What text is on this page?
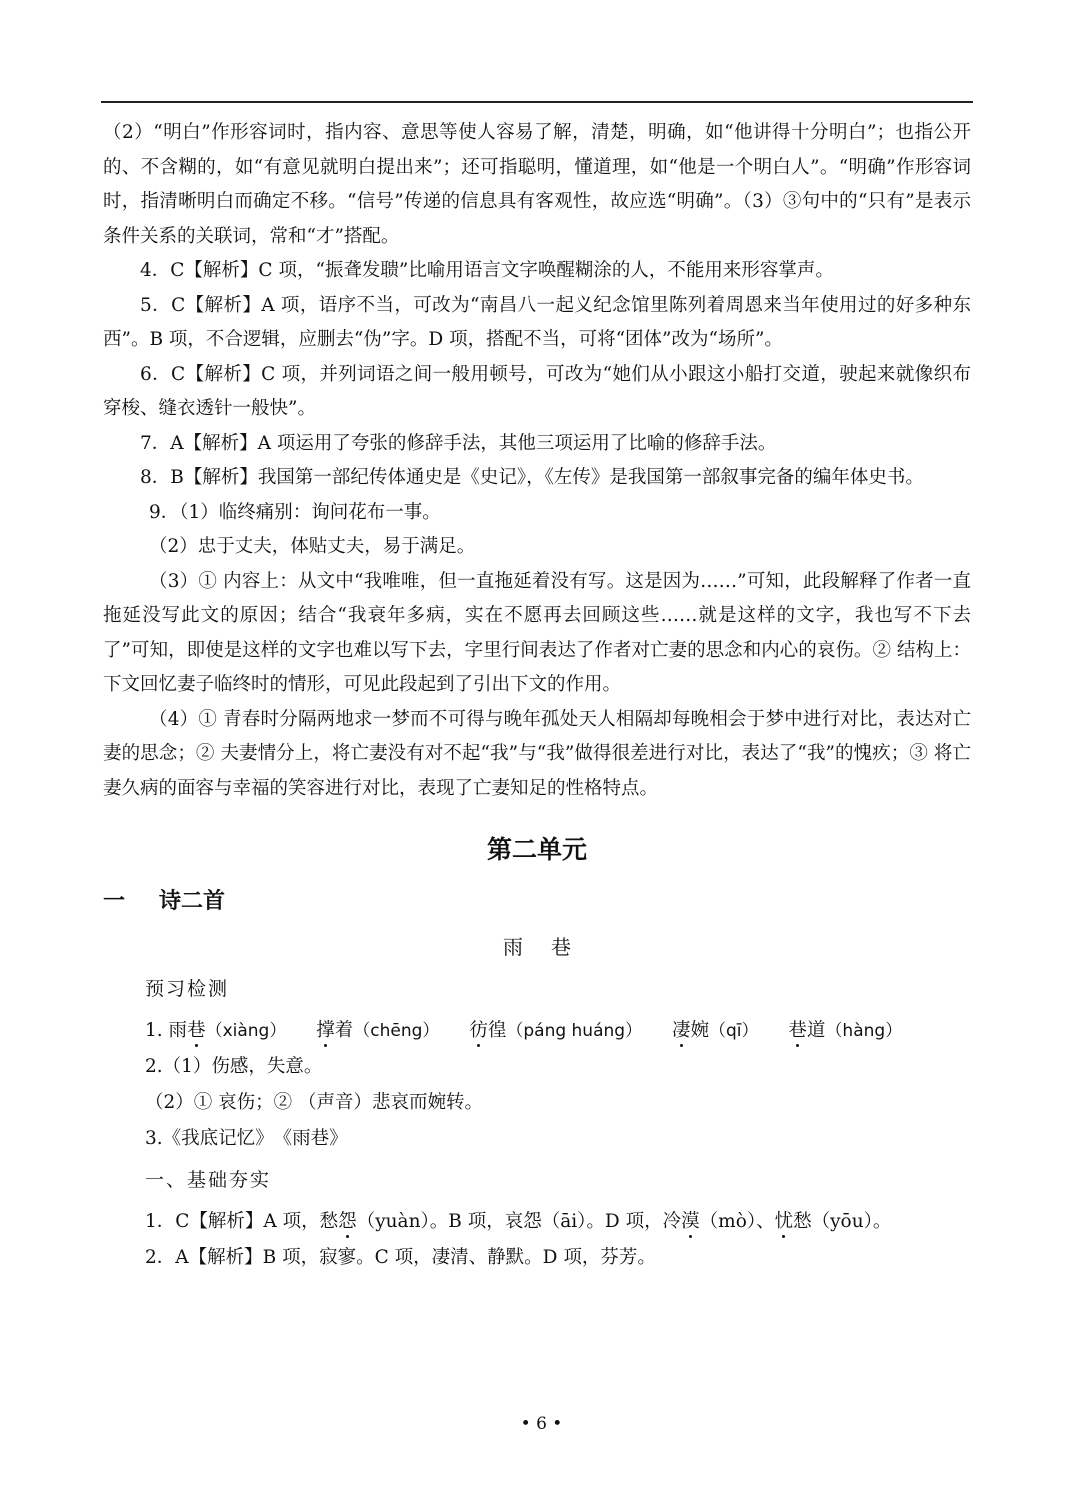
（2）“明白”作形容词时，指内容、意思等使人容易了解，清楚，明确，如“他讲得十分明白”；也指公开的、不含糊的，如“有意见就明白提出来”；还可指聪明，懂道理，如“他是一个明白人”。“明确”作形容词时，指清晰明白而确定不移。“信号”传递的信息具有客观性，故应选“明确”。（3）③句中的“只有”是表示条件关系的关联词，常和“才”搭配。

4．C【解析】C 项，“振聋发聩”比喻用语言文字唤醒糊涂的人，不能用来形容掌声。

5．C【解析】A 项，语序不当，可改为“南昌八一起义纪念馆里陈列着周恩来当年使用过的好多种东西”。B 项，不合逻辑，应删去“伪”字。D 项，搭配不当，可将“团体”改为“场所”。

6．C【解析】C 项，并列词语之间一般用顿号，可改为“她们从小跟这小船打交道，驶起来就像织布穿梭、缝衣透针一般快”。

7．A【解析】A 项运用了夸张的修辞手法，其他三项运用了比喻的修辞手法。

8．B【解析】我国第一部纪传体通史是《史记》，《左传》是我国第一部叙事完备的编年体史书。

9．（1）临终痛别：询问花布一事。

（2）忠于丈夫，体贴丈夫，易于满足。

（3）① 内容上：从文中“我唯唯，但一直拖延着没有写。这是因为……”可知，此段解释了作者一直拖延没写此文的原因；结合“我衰年多病，实在不愿再去回顾这些……就是这样的文字，我也写不下去了”可知，即使是这样的文字也难以写下去，字里行间表达了作者对亡妻的思念和内心的哀伤。② 结构上：下文回忆妻子临终时的情形，可见此段起到了引出下文的作用。

（4）① 青春时分隔两地求一梦而不可得与晚年孤处天人相隔却每晚相会于梦中进行对比，表达对亡妻的思念；② 夫妻情分上，将亡妻没有对不起“我”与“我”做得很差进行对比，表达了“我”的愧疚；③ 将亡妻久病的面容与幸福的笑容进行对比，表现了亡妻知足的性格特点。

第二单元

一 诗二首

雨巷

预习检测

1. 雨巷（xiàng） 撑着（chēng） 彷徨（páng huáng） 凄婉（qī） 巷道（hàng）

2.（1）伤感，失意。

（2）① 哀伤；② （声音）悲哀而婉转。

3.《我底记忆》　《雨巷》

一、基础夯实

1．C【解析】A 项，愁怨（yuàn）。B 项，哀怨（āi）。D 项，冷漠（mò）、忧愁（yōu）。

2．A【解析】B 项，寂寥。C 项，凄清、静默。D 项，芬芳。

• 6 •
